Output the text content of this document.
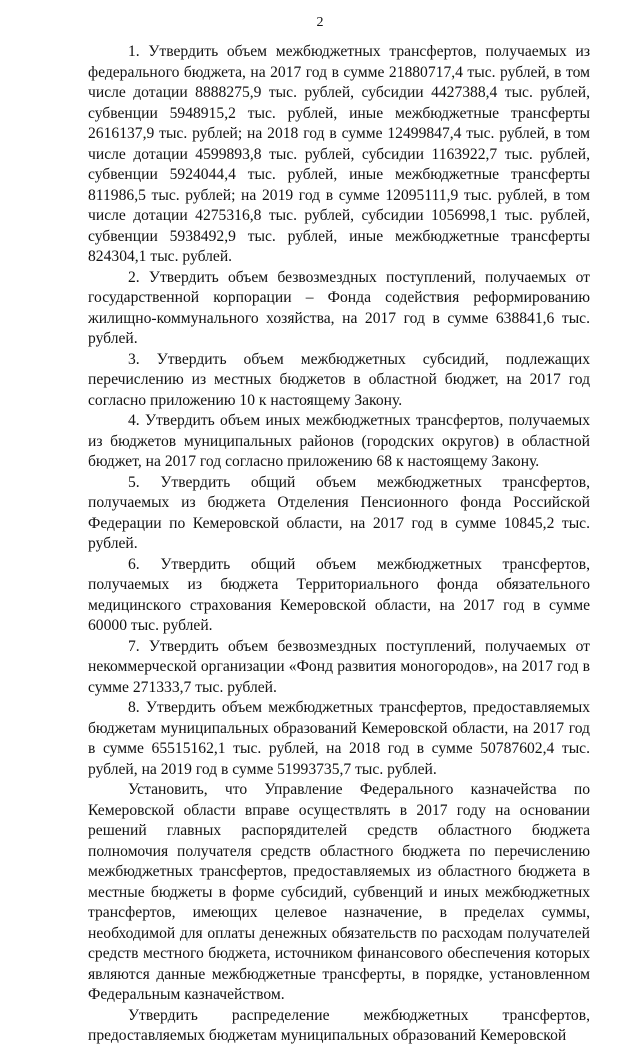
2

1. Утвердить объем межбюджетных трансфертов, получаемых из федерального бюджета, на 2017 год в сумме 21880717,4 тыс. рублей, в том числе дотации 8888275,9 тыс. рублей, субсидии 4427388,4 тыс. рублей, субвенции 5948915,2 тыс. рублей, иные межбюджетные трансферты 2616137,9 тыс. рублей; на 2018 год в сумме 12499847,4 тыс. рублей, в том числе дотации 4599893,8 тыс. рублей, субсидии 1163922,7 тыс. рублей, субвенции 5924044,4 тыс. рублей, иные межбюджетные трансферты 811986,5 тыс. рублей; на 2019 год в сумме 12095111,9 тыс. рублей, в том числе дотации 4275316,8 тыс. рублей, субсидии 1056998,1 тыс. рублей, субвенции 5938492,9 тыс. рублей, иные межбюджетные трансферты 824304,1 тыс. рублей.

2. Утвердить объем безвозмездных поступлений, получаемых от государственной корпорации – Фонда содействия реформированию жилищно-коммунального хозяйства, на 2017 год в сумме 638841,6 тыс. рублей.

3. Утвердить объем межбюджетных субсидий, подлежащих перечислению из местных бюджетов в областной бюджет, на 2017 год согласно приложению 10 к настоящему Закону.

4. Утвердить объем иных межбюджетных трансфертов, получаемых из бюджетов муниципальных районов (городских округов) в областной бюджет, на 2017 год согласно приложению 68 к настоящему Закону.

5. Утвердить общий объем межбюджетных трансфертов, получаемых из бюджета Отделения Пенсионного фонда Российской Федерации по Кемеровской области, на 2017 год в сумме 10845,2 тыс. рублей.

6. Утвердить общий объем межбюджетных трансфертов, получаемых из бюджета Территориального фонда обязательного медицинского страхования Кемеровской области, на 2017 год в сумме 60000 тыс. рублей.

7. Утвердить объем безвозмездных поступлений, получаемых от некоммерческой организации «Фонд развития моногородов», на 2017 год в сумме 271333,7 тыс. рублей.

8. Утвердить объем межбюджетных трансфертов, предоставляемых бюджетам муниципальных образований Кемеровской области, на 2017 год в сумме 65515162,1 тыс. рублей, на 2018 год в сумме 50787602,4 тыс. рублей, на 2019 год в сумме 51993735,7 тыс. рублей.

Установить, что Управление Федерального казначейства по Кемеровской области вправе осуществлять в 2017 году на основании решений главных распорядителей средств областного бюджета полномочия получателя средств областного бюджета по перечислению межбюджетных трансфертов, предоставляемых из областного бюджета в местные бюджеты в форме субсидий, субвенций и иных межбюджетных трансфертов, имеющих целевое назначение, в пределах суммы, необходимой для оплаты денежных обязательств по расходам получателей средств местного бюджета, источником финансового обеспечения которых являются данные межбюджетные трансферты, в порядке, установленном Федеральным казначейством.

Утвердить распределение межбюджетных трансфертов, предоставляемых бюджетам муниципальных образований Кемеровской
